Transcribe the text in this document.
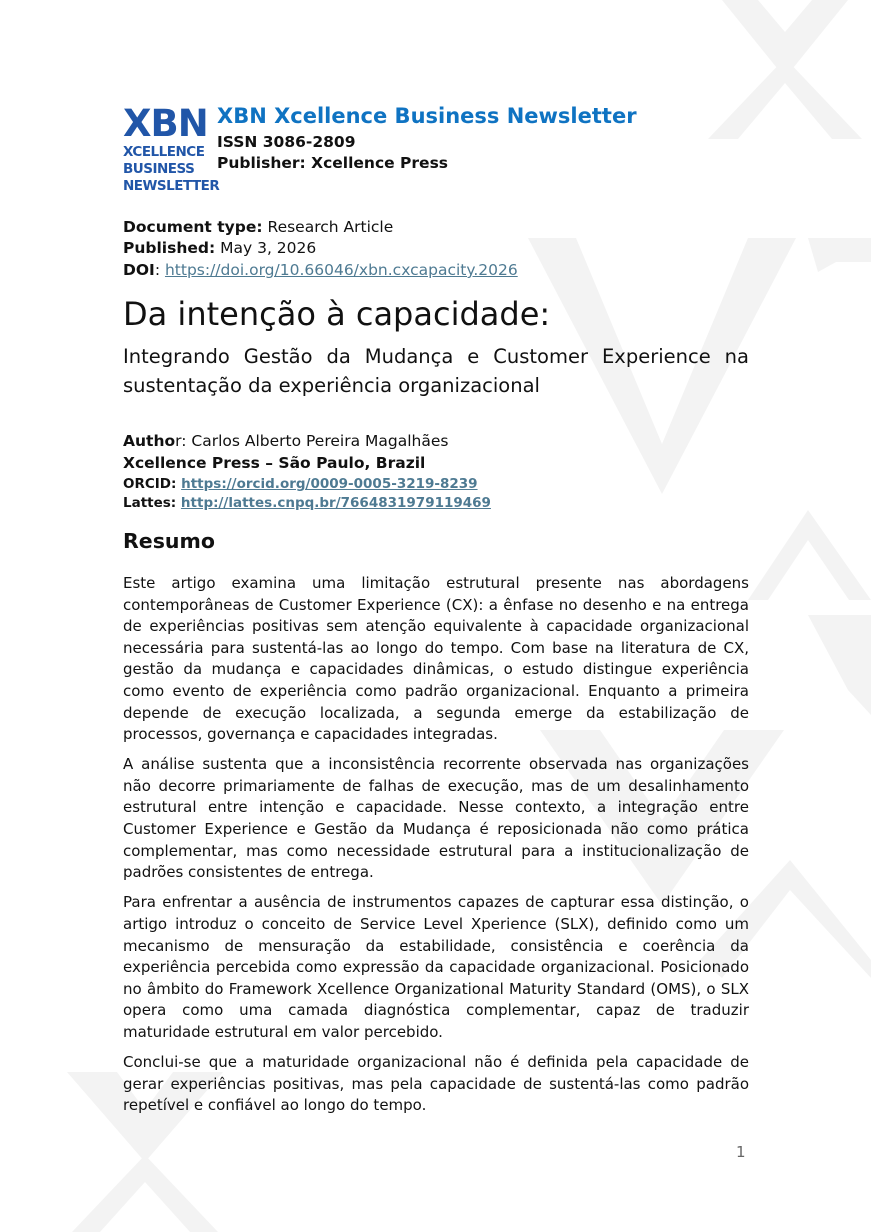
XBN
XCELLENCE
BUSINESS
NEWSLETTER
XBN Xcellence Business Newsletter
ISSN 3086-2809
Publisher: Xcellence Press
Document type: Research Article
Published: May 3, 2026
DOI: https://doi.org/10.66046/xbn.cxcapacity.2026
Da intenção à capacidade:
Integrando Gestão da Mudança e Customer Experience na sustentação da experiência organizacional
Author: Carlos Alberto Pereira Magalhães
Xcellence Press – São Paulo, Brazil
ORCID: https://orcid.org/0009-0005-3219-8239
Lattes: http://lattes.cnpq.br/7664831979119469
Resumo

Este artigo examina uma limitação estrutural presente nas abordagens contemporâneas de Customer Experience (CX): a ênfase no desenho e na entrega de experiências positivas sem atenção equivalente à capacidade organizacional necessária para sustentá-las ao longo do tempo. Com base na literatura de CX, gestão da mudança e capacidades dinâmicas, o estudo distingue experiência como evento de experiência como padrão organizacional. Enquanto a primeira depende de execução localizada, a segunda emerge da estabilização de processos, governança e capacidades integradas.

A análise sustenta que a inconsistência recorrente observada nas organizações não decorre primariamente de falhas de execução, mas de um desalinhamento estrutural entre intenção e capacidade. Nesse contexto, a integração entre Customer Experience e Gestão da Mudança é reposicionada não como prática complementar, mas como necessidade estrutural para a institucionalização de padrões consistentes de entrega.

Para enfrentar a ausência de instrumentos capazes de capturar essa distinção, o artigo introduz o conceito de Service Level Xperience (SLX), definido como um mecanismo de mensuração da estabilidade, consistência e coerência da experiência percebida como expressão da capacidade organizacional. Posicionado no âmbito do Framework Xcellence Organizational Maturity Standard (OMS), o SLX opera como uma camada diagnóstica complementar, capaz de traduzir maturidade estrutural em valor percebido.

Conclui-se que a maturidade organizacional não é definida pela capacidade de gerar experiências positivas, mas pela capacidade de sustentá-las como padrão repetível e confiável ao longo do tempo.

1
